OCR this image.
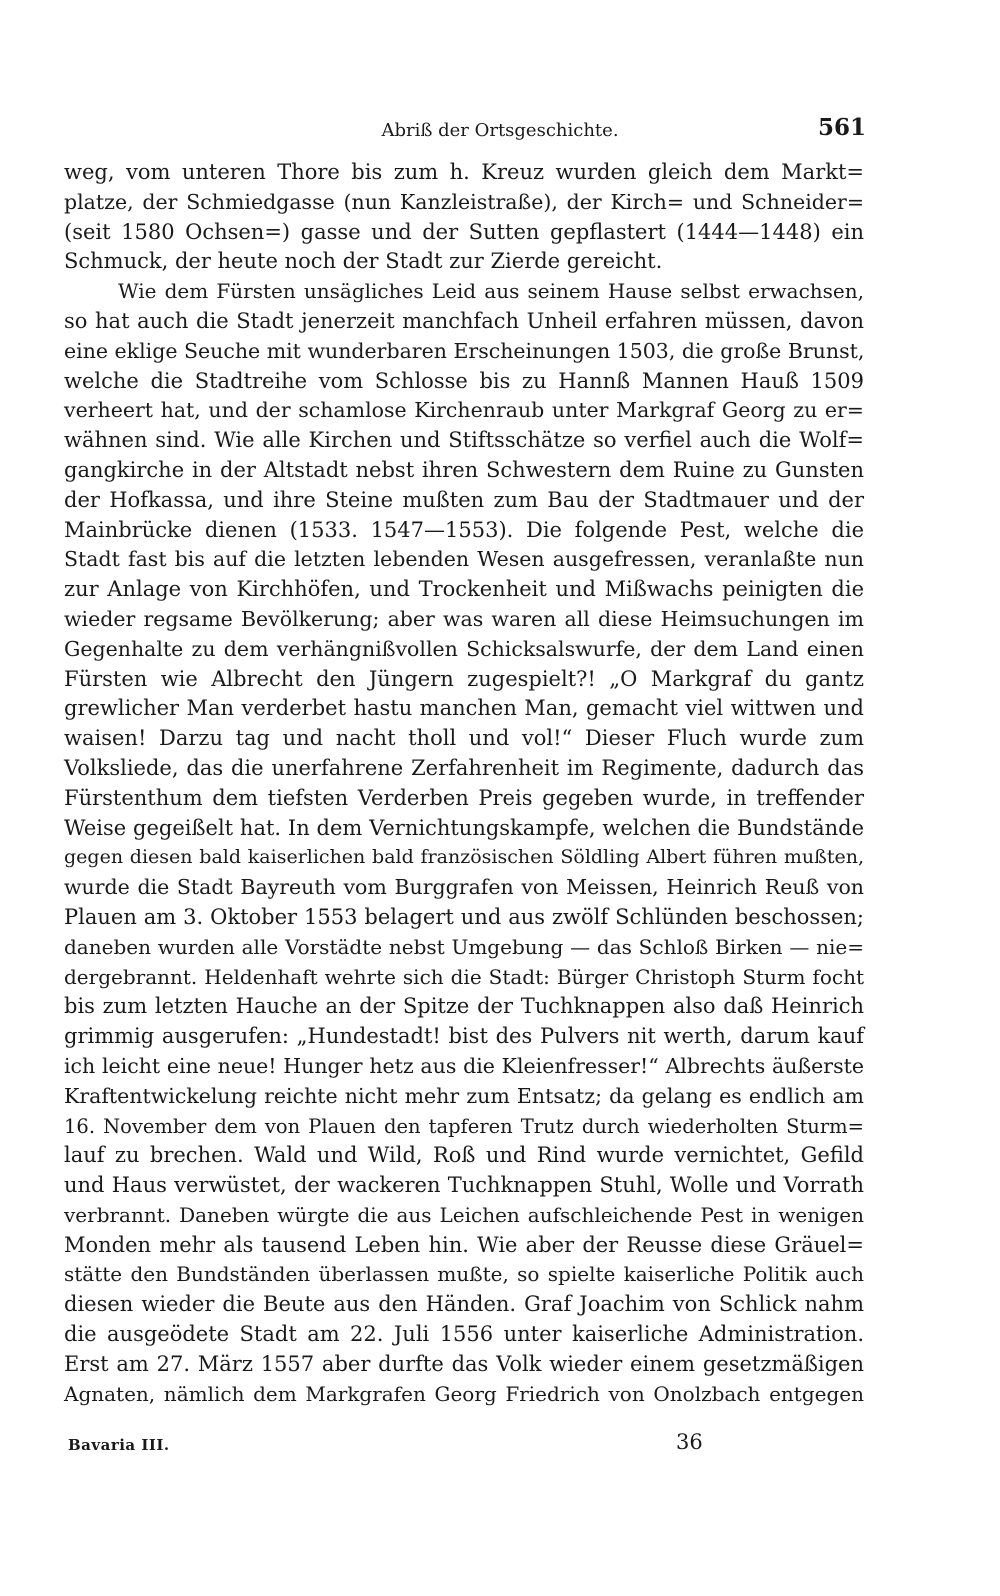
Abriß der Ortsgeschichte.	561
weg, vom unteren Thore bis zum h. Kreuz wurden gleich dem Markt=
platze, der Schmiedgasse (nun Kanzleistraße), der Kirch= und Schneider=
(seit 1580 Ochsen=) gasse und der Sutten gepflastert (1444—1448) ein
Schmuck, der heute noch der Stadt zur Zierde gereicht.
Wie dem Fürsten unsägliches Leid aus seinem Hause selbst erwachsen,
so hat auch die Stadt jenerzeit manchfach Unheil erfahren müssen, davon
eine eklige Seuche mit wunderbaren Erscheinungen 1503, die große Brunst,
welche die Stadtreihe vom Schlosse bis zu Hannß Mannen Hauß 1509
verheert hat, und der schamlose Kirchenraub unter Markgraf Georg zu er=
wähnen sind. Wie alle Kirchen und Stiftsschätze so verfiel auch die Wolf=
gangkirche in der Altstadt nebst ihren Schwestern dem Ruine zu Gunsten
der Hofkassa, und ihre Steine mußten zum Bau der Stadtmauer und der
Mainbrücke dienen (1533. 1547—1553). Die folgende Pest, welche die
Stadt fast bis auf die letzten lebenden Wesen ausgefressen, veranlaßte nun
zur Anlage von Kirchhöfen, und Trockenheit und Mißwachs peinigten die
wieder regsame Bevölkerung; aber was waren all diese Heimsuchungen im
Gegenhalte zu dem verhängnißvollen Schicksalswurfe, der dem Land einen
Fürsten wie Albrecht den Jüngern zugespielt?! „O Markgraf du gantz
grewlicher Man verderbet hastu manchen Man, gemacht viel wittwen und
waisen! Darzu tag und nacht tholl und vol!“ Dieser Fluch wurde zum
Volksliede, das die unerfahrene Zerfahrenheit im Regimente, dadurch das
Fürstenthum dem tiefsten Verderben Preis gegeben wurde, in treffender
Weise gegeißelt hat. In dem Vernichtungskampfe, welchen die Bundstände
gegen diesen bald kaiserlichen bald französischen Söldling Albert führen mußten,
wurde die Stadt Bayreuth vom Burggrafen von Meissen, Heinrich Reuß von
Plauen am 3. Oktober 1553 belagert und aus zwölf Schlünden beschossen;
daneben wurden alle Vorstädte nebst Umgebung — das Schloß Birken — nie=
dergebrannt. Heldenhaft wehrte sich die Stadt: Bürger Christoph Sturm focht
bis zum letzten Hauche an der Spitze der Tuchknappen also daß Heinrich
grimmig ausgerufen: „Hundestadt! bist des Pulvers nit werth, darum kauf
ich leicht eine neue! Hunger hetz aus die Kleienfresser!“ Albrechts äußerste
Kraftentwickelung reichte nicht mehr zum Entsatz; da gelang es endlich am
16. November dem von Plauen den tapferen Trutz durch wiederholten Sturm=
lauf zu brechen. Wald und Wild, Roß und Rind wurde vernichtet, Gefild
und Haus verwüstet, der wackeren Tuchknappen Stuhl, Wolle und Vorrath
verbrannt. Daneben würgte die aus Leichen aufschleichende Pest in wenigen
Monden mehr als tausend Leben hin. Wie aber der Reusse diese Gräuel=
stätte den Bundständen überlassen mußte, so spielte kaiserliche Politik auch
diesen wieder die Beute aus den Händen. Graf Joachim von Schlick nahm
die ausgeödete Stadt am 22. Juli 1556 unter kaiserliche Administration.
Erst am 27. März 1557 aber durfte das Volk wieder einem gesetzmäßigen
Agnaten, nämlich dem Markgrafen Georg Friedrich von Onolzbach entgegen
Bavaria III.	36
